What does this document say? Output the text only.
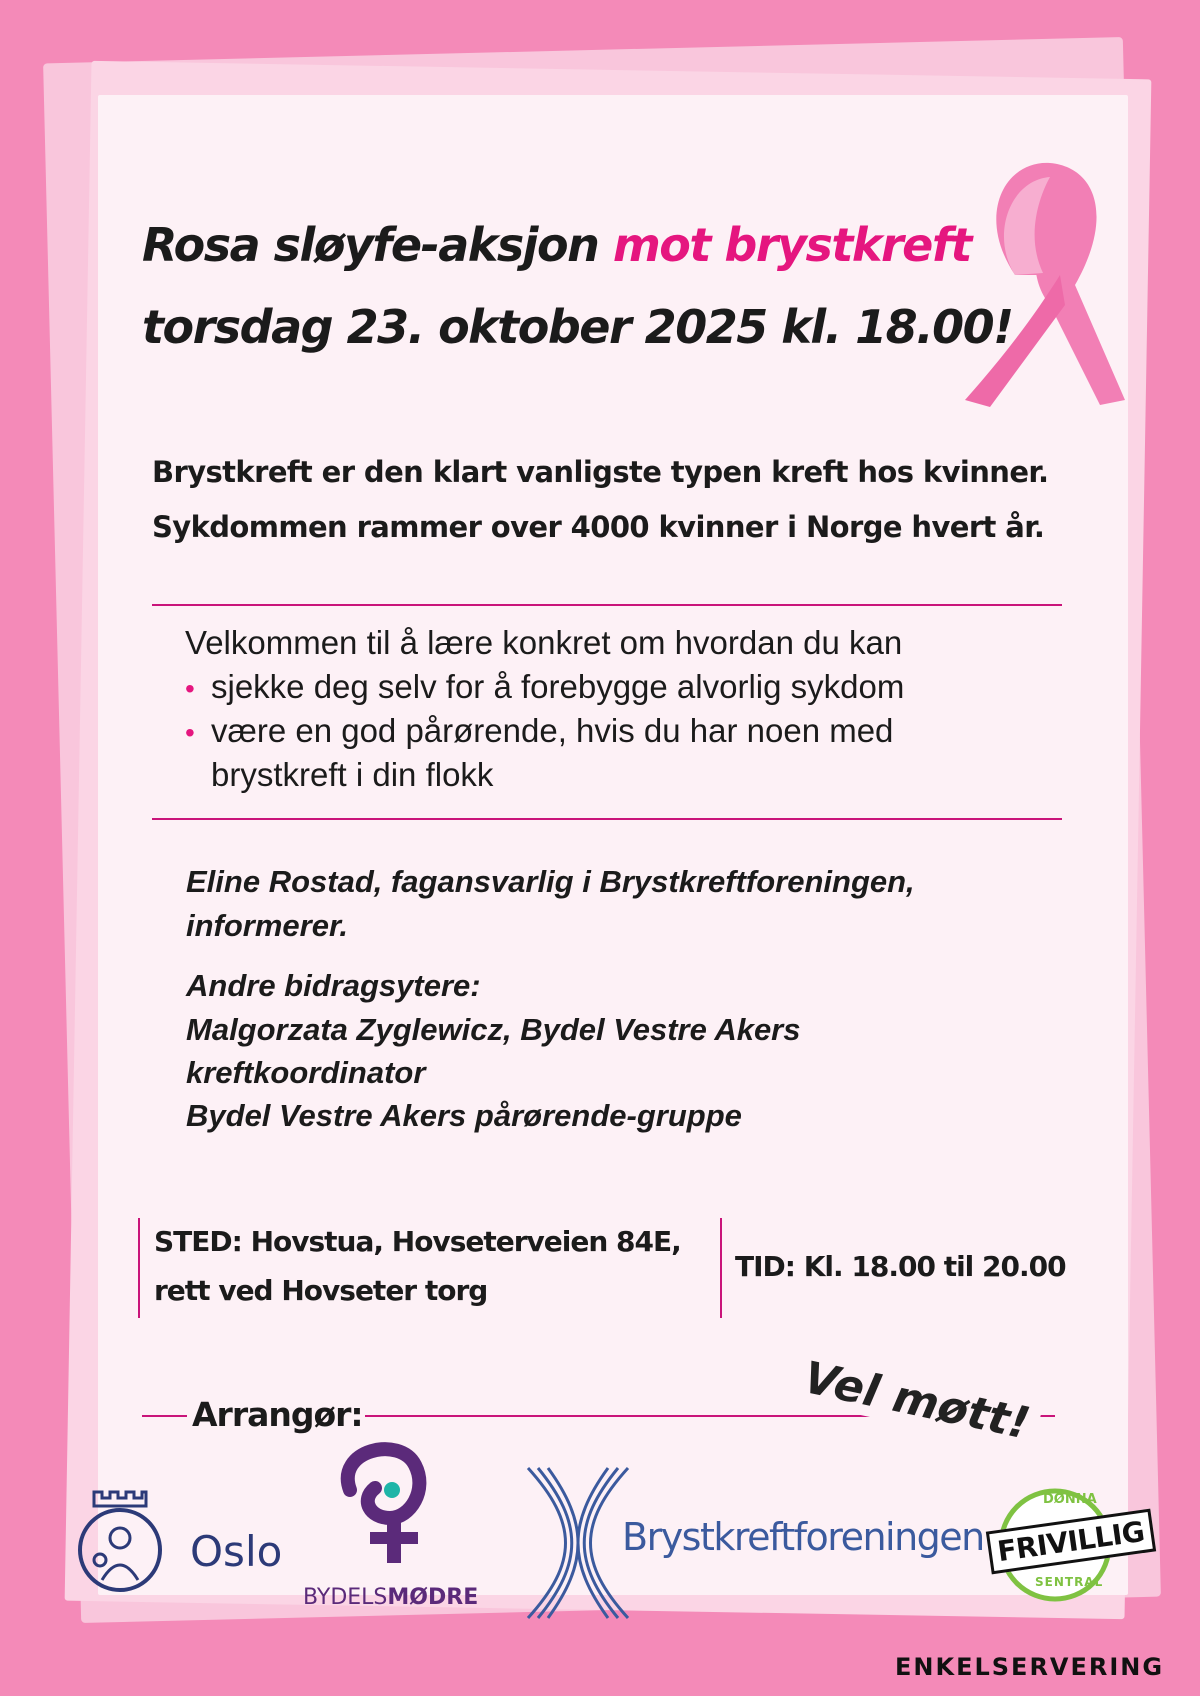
Rosa sløyfe-aksjon mot brystkreft
torsdag 23. oktober 2025 kl. 18.00!
Brystkreft er den klart vanligste typen kreft hos kvinner.
Sykdommen rammer over 4000 kvinner i Norge hvert år.
Velkommen til å lære konkret om hvordan du kan
• sjekke deg selv for å forebygge alvorlig sykdom
• være en god pårørende, hvis du har noen med
brystkreft i din flokk
Eline Rostad, fagansvarlig i Brystkreftforeningen,
informerer.
Andre bidragsytere:
Malgorzata Zyglewicz, Bydel Vestre Akers
kreftkoordinator
Bydel Vestre Akers pårørende-gruppe
STED: Hovstua, Hovseterveien 84E,
rett ved Hovseter torg
TID: Kl. 18.00 til 20.00
Arrangør:	Vel møtt!
Oslo
BYDELSMØDRE
Brystkreftforeningen
DØNNA
FRIVILLIG
SENTRAL
ENKELSERVERING
